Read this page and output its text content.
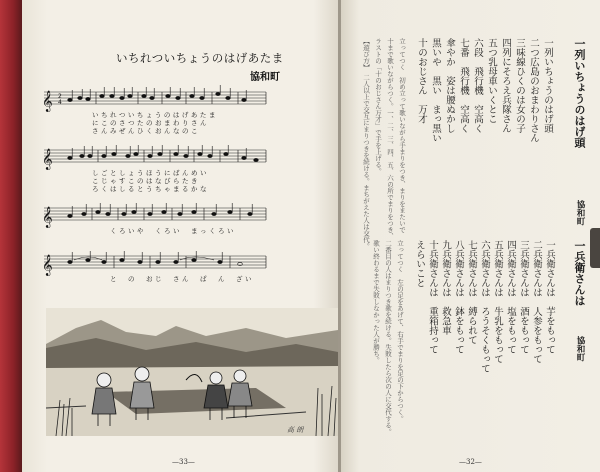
いちれついちょうのはげあたま
協和町
𝄞
𝄞
𝄞
𝄞
2
4
いちれついちょうのはげあたま
にこのさつたのおまわりさん
さんみぜんひくおんなのこ
しごとしょうほうにばんめい
こじゃすこのはなびらたき
ろくはしるとうちゃまるかな
くろいや　くろい　まっくろい
と　の　おじ　さん　ぱ　ん　ざい
高 朗
—33—
一列いちょうのはげ頭
協和町
一列いちょうのはげ頭
二つ広島のおまわりさん
三味線ひくのは女の子
四列にそろえ兵隊さん
五つ乳母車いくとこ
六段　飛行機　空高く
七番　飛行機　空高く
傘やか　姿は腰ぬかし
黒いや　黒い　まっ黒い
十のおじさん　万才
立ってつく　初め立って歌いながら手まりをつき、まりをまたいで
十まで歌いながらつく。一、二、三、四、五、六の所でまりをつき、
ラストの「十のおじさん万才」で手を上げる。
【遊び方】　二人以上で交互にまりつきを続ける。まちがえた人は交代。
一兵衛さんは
協和町
一兵衛さんは　芋をもって
二兵衛さんは　人参をもって
三兵衛さんは　酒をもって
四兵衛さんは　塩をもって
五兵衛さんは　牛乳をもって
六兵衛さんは　ろうそくもって
七兵衛さんは　縛られて
八兵衛さんは　鉢をもって
九兵衛さんは　救急車
十兵衛さんは　重箱持って
えらいこと
立ってつく　左の足をあげて、右手でまりを足の下からつく。
二番目の人はまりつき歌を続ける。失敗したら次の人に交代する。
歌い終わるまで失敗しなかった人が勝ち。
—32—
